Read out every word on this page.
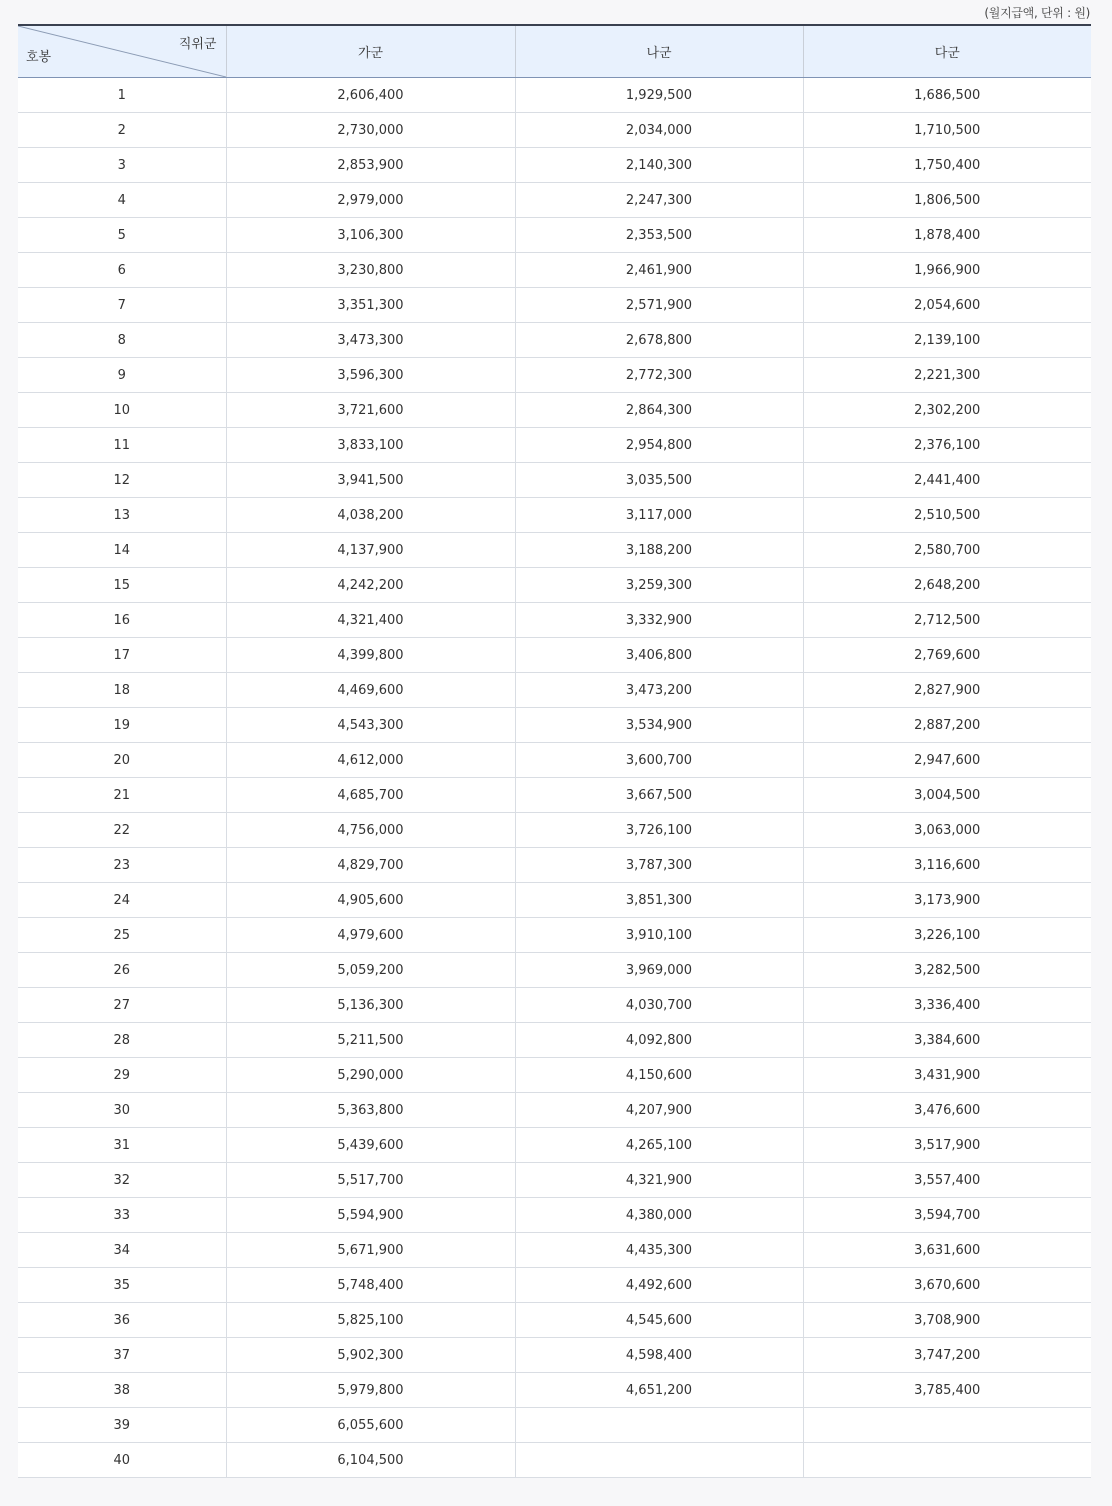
(월지급액, 단위 : 원)
직위군
호봉	가군	나군	다군
1	2,606,400	1,929,500	1,686,500
2	2,730,000	2,034,000	1,710,500
3	2,853,900	2,140,300	1,750,400
4	2,979,000	2,247,300	1,806,500
5	3,106,300	2,353,500	1,878,400
6	3,230,800	2,461,900	1,966,900
7	3,351,300	2,571,900	2,054,600
8	3,473,300	2,678,800	2,139,100
9	3,596,300	2,772,300	2,221,300
10	3,721,600	2,864,300	2,302,200
11	3,833,100	2,954,800	2,376,100
12	3,941,500	3,035,500	2,441,400
13	4,038,200	3,117,000	2,510,500
14	4,137,900	3,188,200	2,580,700
15	4,242,200	3,259,300	2,648,200
16	4,321,400	3,332,900	2,712,500
17	4,399,800	3,406,800	2,769,600
18	4,469,600	3,473,200	2,827,900
19	4,543,300	3,534,900	2,887,200
20	4,612,000	3,600,700	2,947,600
21	4,685,700	3,667,500	3,004,500
22	4,756,000	3,726,100	3,063,000
23	4,829,700	3,787,300	3,116,600
24	4,905,600	3,851,300	3,173,900
25	4,979,600	3,910,100	3,226,100
26	5,059,200	3,969,000	3,282,500
27	5,136,300	4,030,700	3,336,400
28	5,211,500	4,092,800	3,384,600
29	5,290,000	4,150,600	3,431,900
30	5,363,800	4,207,900	3,476,600
31	5,439,600	4,265,100	3,517,900
32	5,517,700	4,321,900	3,557,400
33	5,594,900	4,380,000	3,594,700
34	5,671,900	4,435,300	3,631,600
35	5,748,400	4,492,600	3,670,600
36	5,825,100	4,545,600	3,708,900
37	5,902,300	4,598,400	3,747,200
38	5,979,800	4,651,200	3,785,400
39	6,055,600		
40	6,104,500		
